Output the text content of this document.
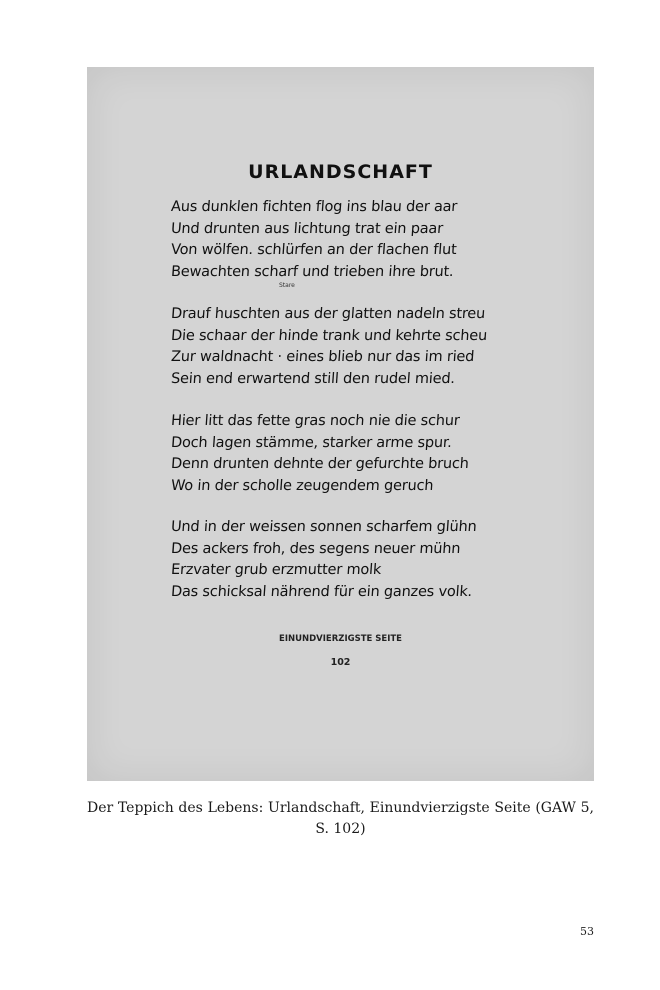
URLANDSCHAFT
Aus dunklen fichten flog ins blau der aar
Und drunten aus lichtung trat ein paar
Von wölfen. schlürfen an der flachen flut
Bewachten scharf und trieben ihre brut.
Stare
Drauf huschten aus der glatten nadeln streu
Die schaar der hinde trank und kehrte scheu
Zur waldnacht · eines blieb nur das im ried
Sein end erwartend still den rudel mied.
Hier litt das fette gras noch nie die schur
Doch lagen stämme, starker arme spur.
Denn drunten dehnte der gefurchte bruch
Wo in der scholle zeugendem geruch
Und in der weissen sonnen scharfem glühn
Des ackers froh, des segens neuer mühn
Erzvater grub erzmutter molk
Das schicksal nährend für ein ganzes volk.
EINUNDVIERZIGSTE SEITE
102
Der Teppich des Lebens: Urlandschaft, Einundvierzigste Seite (GAW 5, S. 102)
53
